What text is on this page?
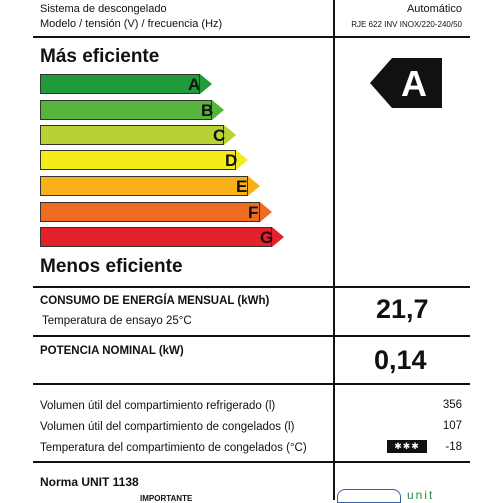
Sistema de descongelado	Automático
Modelo / tensión (V) / frecuencia (Hz)	RJE 622 INV INOX/220-240/50
Más eficiente
A
B
C
D
E
F
G
Menos eficiente
A
CONSUMO DE ENERGÍA MENSUAL (kWh)
Temperatura de ensayo 25°C	21,7
POTENCIA NOMINAL (kW)	0,14
Volumen útil del compartimiento refrigerado (l)	356
Volumen útil del compartimiento de congelados (l)	107
Temperatura del compartimiento de congelados (°C)	✱✱✱	-18
Norma UNIT 1138
IMPORTANTE	unit
